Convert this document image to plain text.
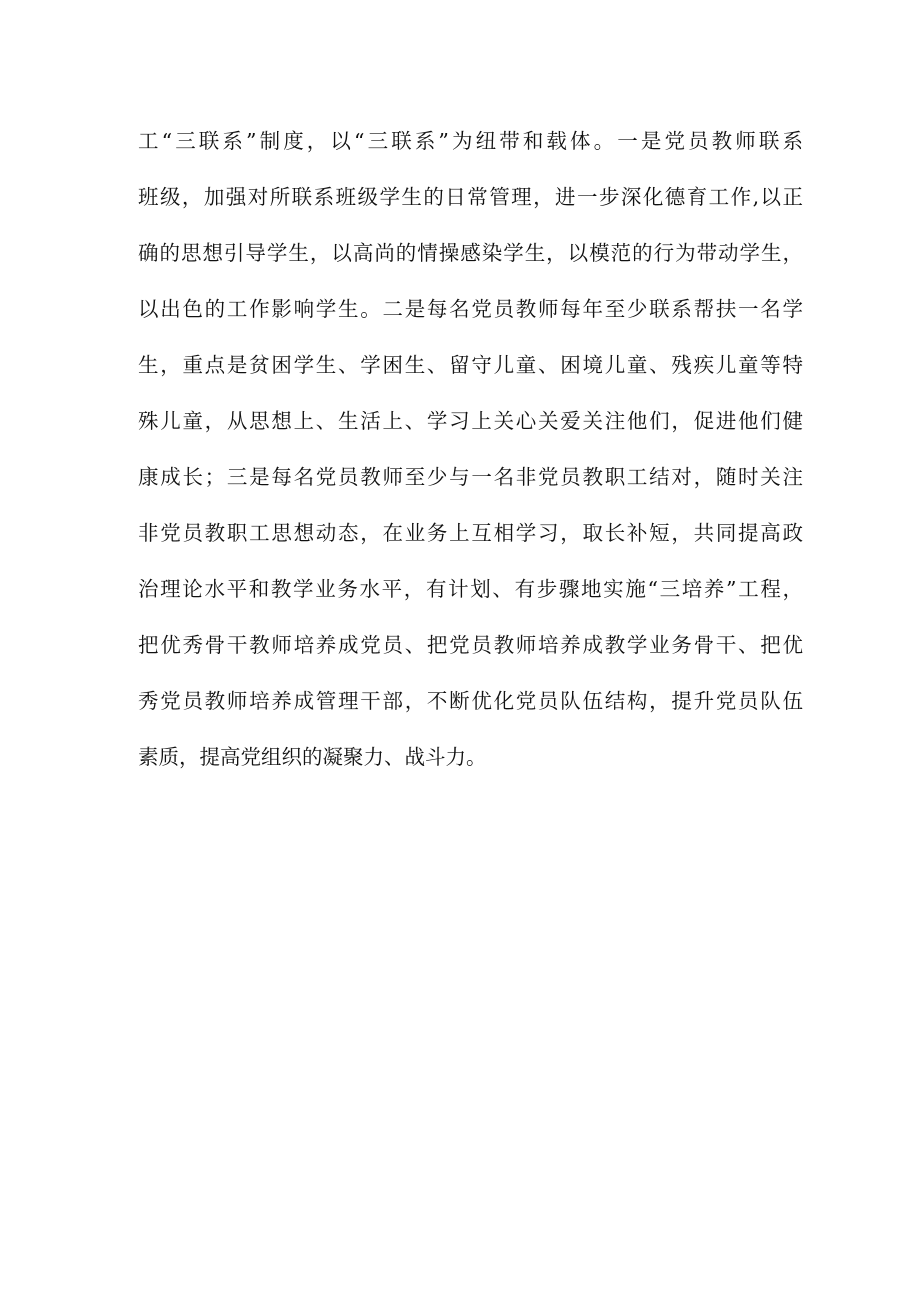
工“三联系”制度，以“三联系”为纽带和载体。一是党员教师联系
班级，加强对所联系班级学生的日常管理，进一步深化德育工作,以正
确的思想引导学生，以高尚的情操感染学生，以模范的行为带动学生，
以出色的工作影响学生。二是每名党员教师每年至少联系帮扶一名学
生，重点是贫困学生、学困生、留守儿童、困境儿童、残疾儿童等特
殊儿童，从思想上、生活上、学习上关心关爱关注他们，促进他们健
康成长；三是每名党员教师至少与一名非党员教职工结对，随时关注
非党员教职工思想动态，在业务上互相学习，取长补短，共同提高政
治理论水平和教学业务水平，有计划、有步骤地实施“三培养”工程，
把优秀骨干教师培养成党员、把党员教师培养成教学业务骨干、把优
秀党员教师培养成管理干部，不断优化党员队伍结构，提升党员队伍
素质，提高党组织的凝聚力、战斗力。
